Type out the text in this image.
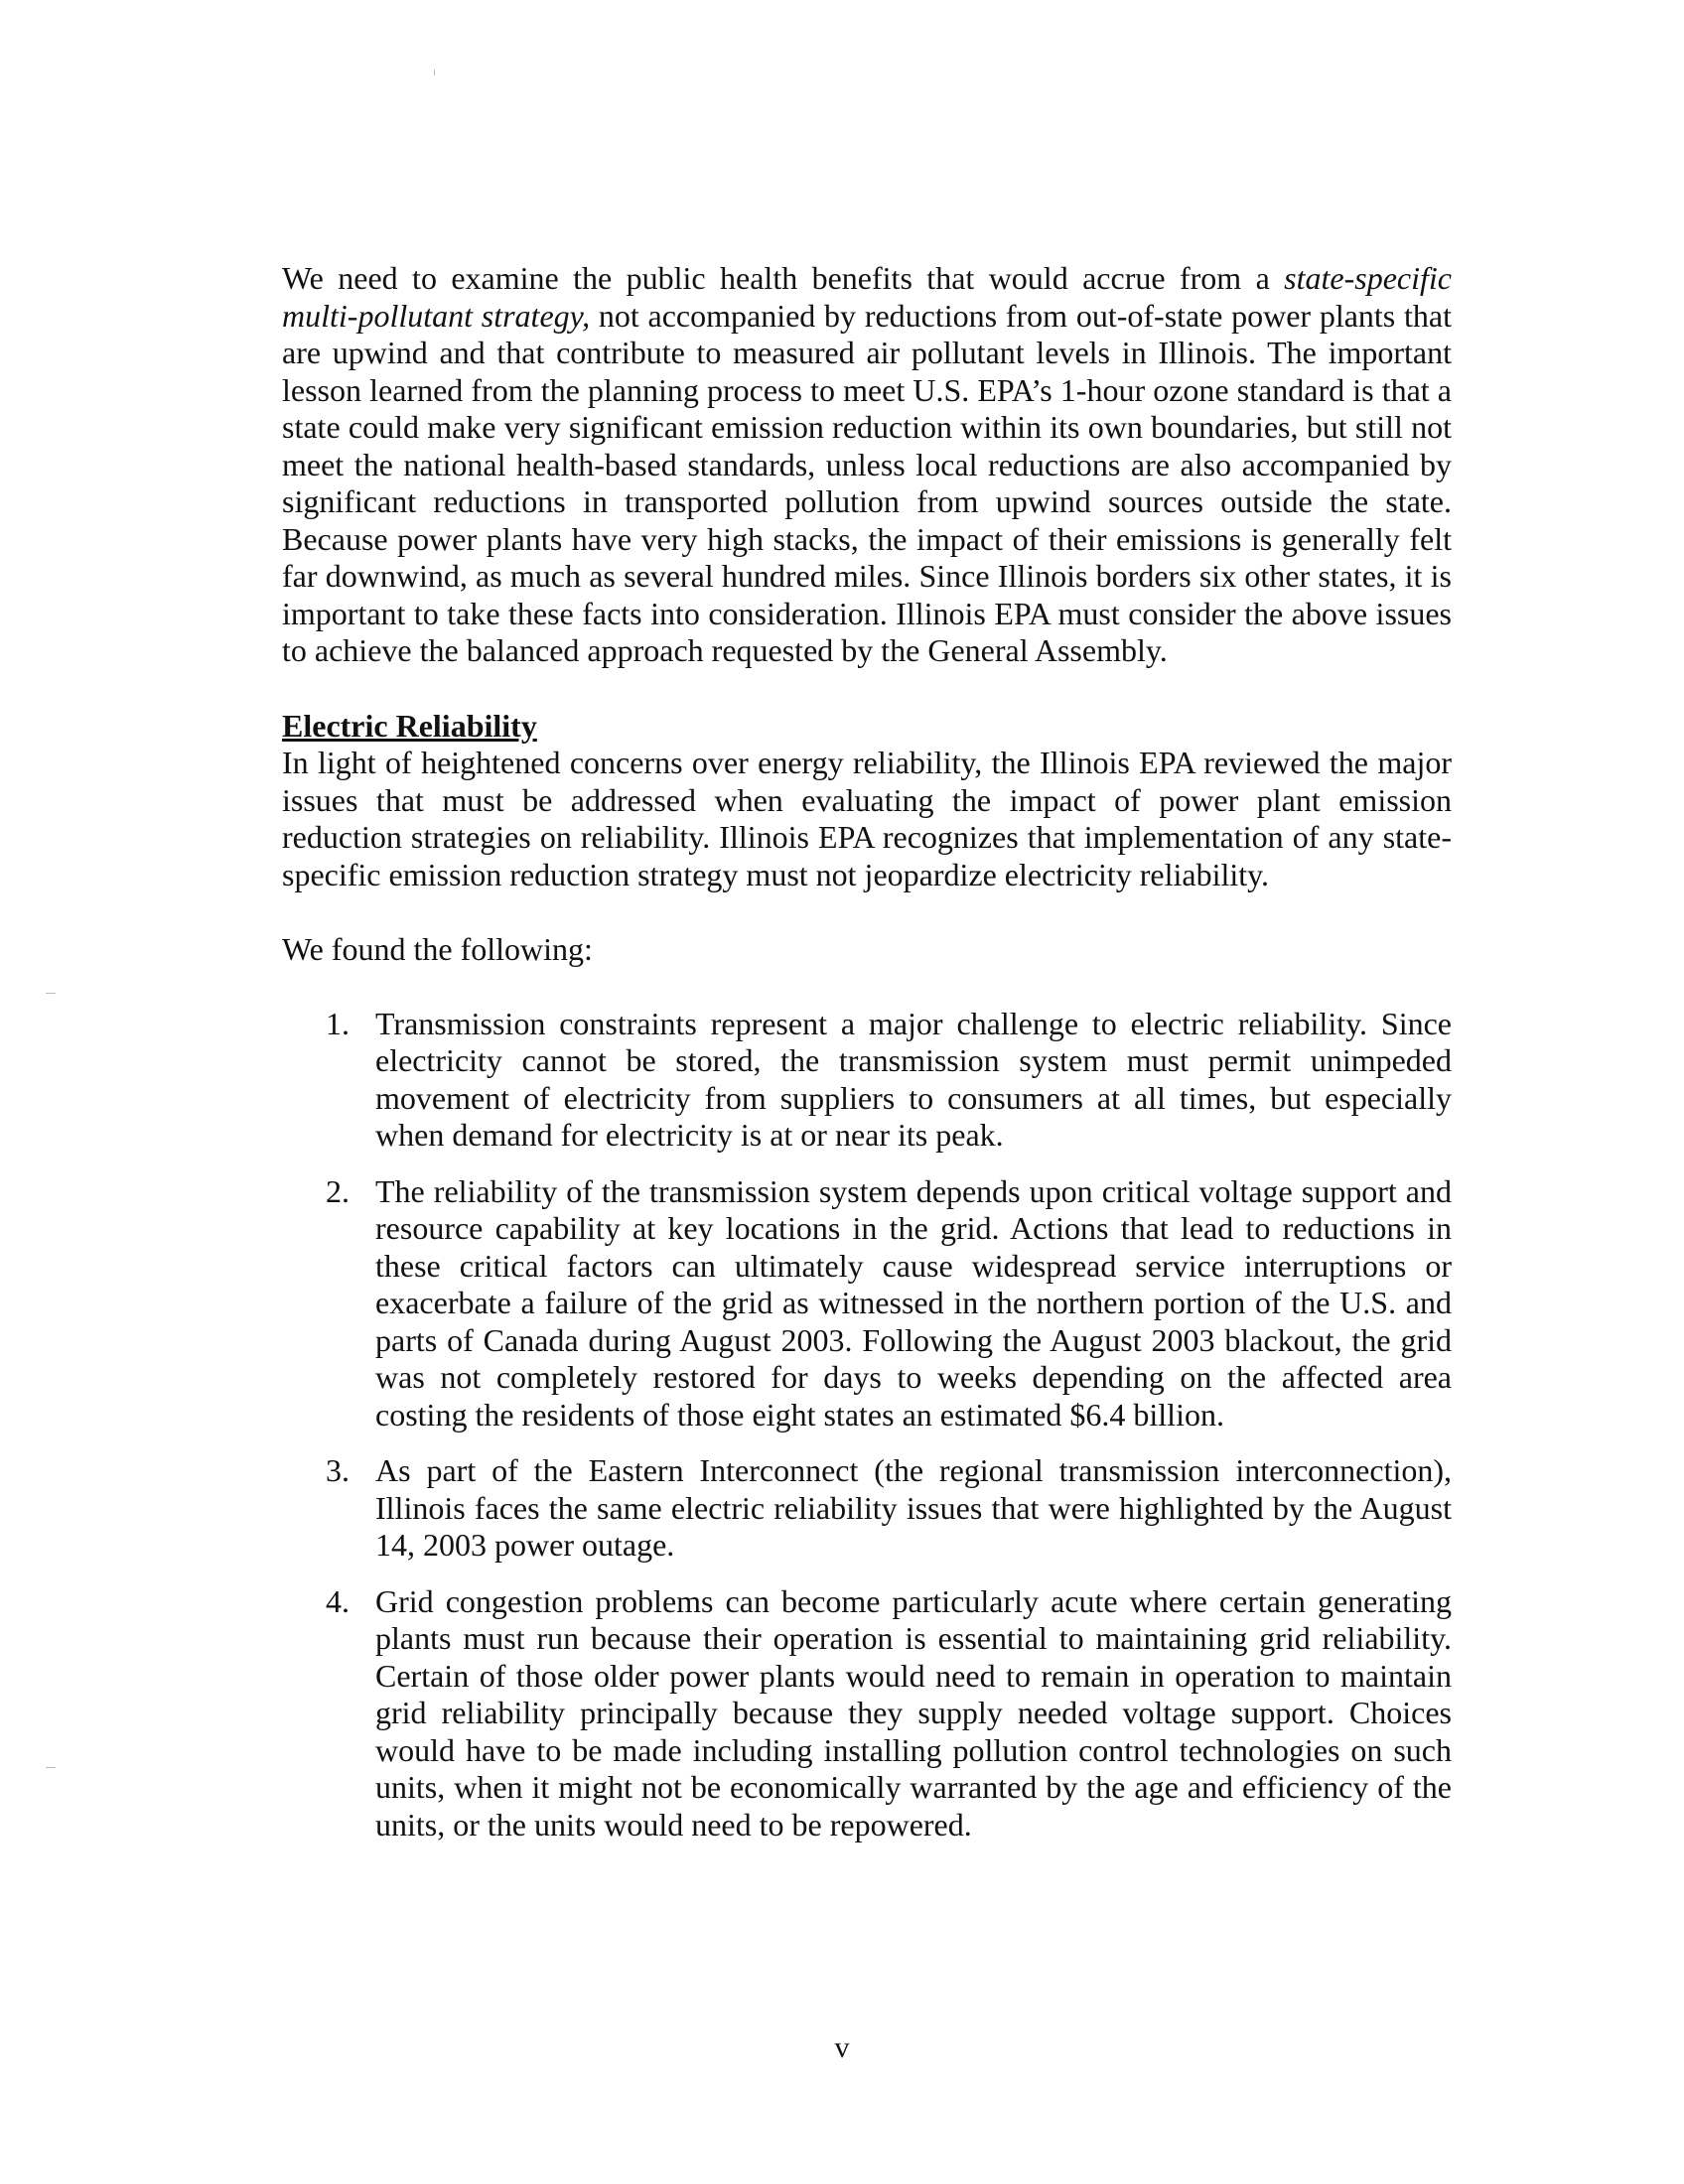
We need to examine the public health benefits that would accrue from a state-specific multi-pollutant strategy, not accompanied by reductions from out-of-state power plants that are upwind and that contribute to measured air pollutant levels in Illinois. The important lesson learned from the planning process to meet U.S. EPA’s 1-hour ozone standard is that a state could make very significant emission reduction within its own boundaries, but still not meet the national health-based standards, unless local reductions are also accompanied by significant reductions in transported pollution from upwind sources outside the state. Because power plants have very high stacks, the impact of their emissions is generally felt far downwind, as much as several hundred miles. Since Illinois borders six other states, it is important to take these facts into consideration. Illinois EPA must consider the above issues to achieve the balanced approach requested by the General Assembly.

Electric Reliability

In light of heightened concerns over energy reliability, the Illinois EPA reviewed the major issues that must be addressed when evaluating the impact of power plant emission reduction strategies on reliability. Illinois EPA recognizes that implementation of any state-specific emission reduction strategy must not jeopardize electricity reliability.

We found the following:

1. Transmission constraints represent a major challenge to electric reliability. Since electricity cannot be stored, the transmission system must permit unimpeded movement of electricity from suppliers to consumers at all times, but especially when demand for electricity is at or near its peak.
2. The reliability of the transmission system depends upon critical voltage support and resource capability at key locations in the grid. Actions that lead to reductions in these critical factors can ultimately cause widespread service interruptions or exacerbate a failure of the grid as witnessed in the northern portion of the U.S. and parts of Canada during August 2003. Following the August 2003 blackout, the grid was not completely restored for days to weeks depending on the affected area costing the residents of those eight states an estimated $6.4 billion.
3. As part of the Eastern Interconnect (the regional transmission interconnection), Illinois faces the same electric reliability issues that were highlighted by the August 14, 2003 power outage.
4. Grid congestion problems can become particularly acute where certain generating plants must run because their operation is essential to maintaining grid reliability. Certain of those older power plants would need to remain in operation to maintain grid reliability principally because they supply needed voltage support. Choices would have to be made including installing pollution control technologies on such units, when it might not be economically warranted by the age and efficiency of the units, or the units would need to be repowered.
v
